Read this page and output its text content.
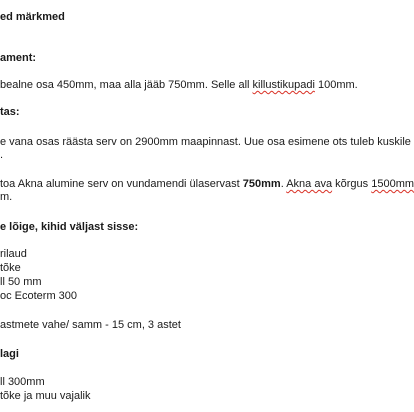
ed märkmed
ament:
bealne osa 450mm, maa alla jääb 750mm. Selle all killustikupadi 100mm.
tas:
e vana osas räästa serv on 2900mm maapinnast. Uue osa esimene ots tuleb kuskile
.
toa Akna alumine serv on vundamendi ülaservast 750mm. Akna ava kõrgus 1500mm
m.
e lõige, kihid väljast sisse:
rilaud
tõke
ll 50 mm
oc Ecoterm 300
astmete vahe/ samm - 15 cm, 3 astet
lagi
ll 300mm
tõke ja muu vajalik
